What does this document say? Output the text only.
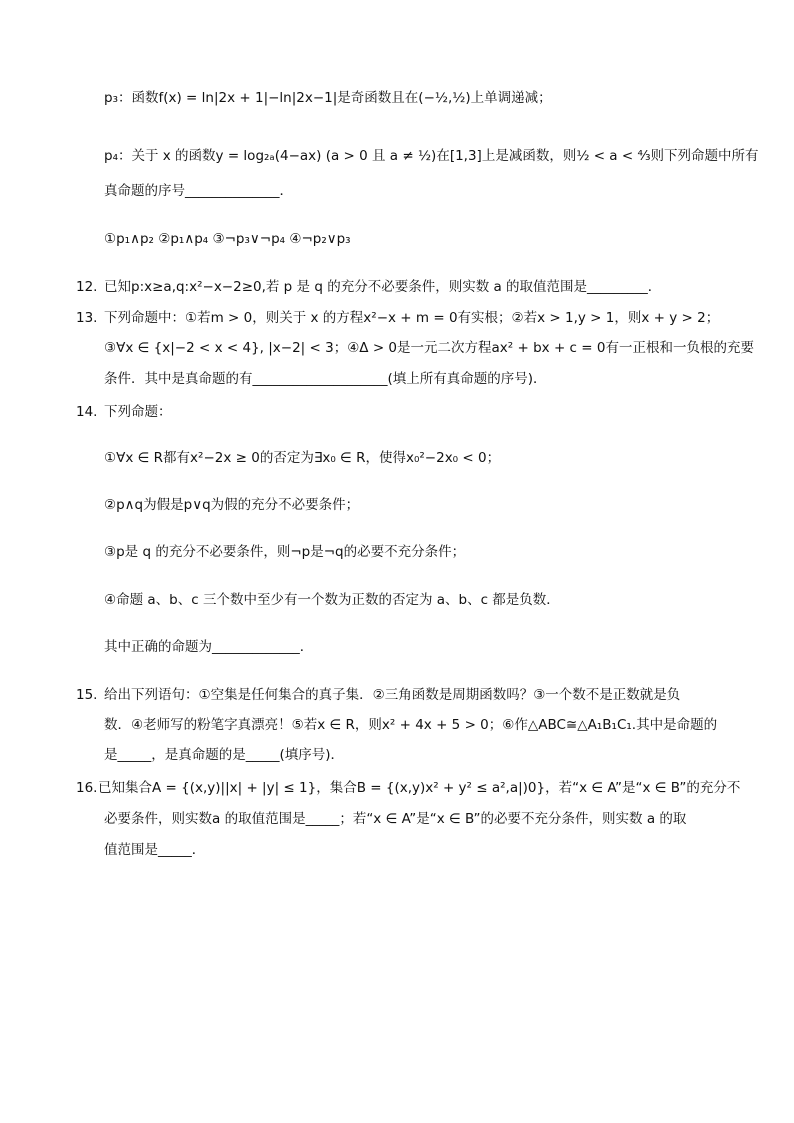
p₃：函数f(x) = ln|2x + 1|−ln|2x−1|是奇函数且在(−½,½)上单调递减；
p₄：关于 x 的函数y = log₂ₐ(4−ax) (a > 0 且 a ≠ ½)在[1,3]上是减函数，则½ < a < ⁴⁄₃则下列命题中所有
真命题的序号______________．
①p₁∧p₂ ②p₁∧p₄ ③¬p₃∨¬p₄ ④¬p₂∨p₃
12. 已知p:x≥a,q:x²−x−2≥0,若 p 是 q 的充分不必要条件，则实数 a 的取值范围是_________．
13. 下列命题中：①若m > 0，则关于 x 的方程x²−x + m = 0有实根；②若x > 1,y > 1，则x + y > 2；
③∀x ∈ {x|−2 < x < 4}, |x−2| < 3；④Δ > 0是一元二次方程ax² + bx + c = 0有一正根和一负根的充要
条件．其中是真命题的有____________________(填上所有真命题的序号)．
14. 下列命题：
①∀x ∈ R都有x²−2x ≥ 0的否定为∃x₀ ∈ R，使得x₀²−2x₀ < 0；
②p∧q为假是p∨q为假的充分不必要条件；
③p是 q 的充分不必要条件，则¬p是¬q的必要不充分条件；
④命题 a、b、c 三个数中至少有一个数为正数的否定为 a、b、c 都是负数．
其中正确的命题为_____________．
15. 给出下列语句：①空集是任何集合的真子集．②三角函数是周期函数吗？③一个数不是正数就是负
数．④老师写的粉笔字真漂亮！⑤若x ∈ R，则x² + 4x + 5 > 0；⑥作△ABC≅△A₁B₁C₁.其中是命题的
是_____，是真命题的是_____(填序号)．
16. 已知集合A = {(x,y)||x| + |y| ≤ 1}，集合B = {(x,y)x² + y² ≤ a²,a|)0}，若“x ∈ A”是“x ∈ B”的充分不
必要条件，则实数a 的取值范围是_____；若“x ∈ A”是“x ∈ B”的必要不充分条件，则实数 a 的取
值范围是_____．
